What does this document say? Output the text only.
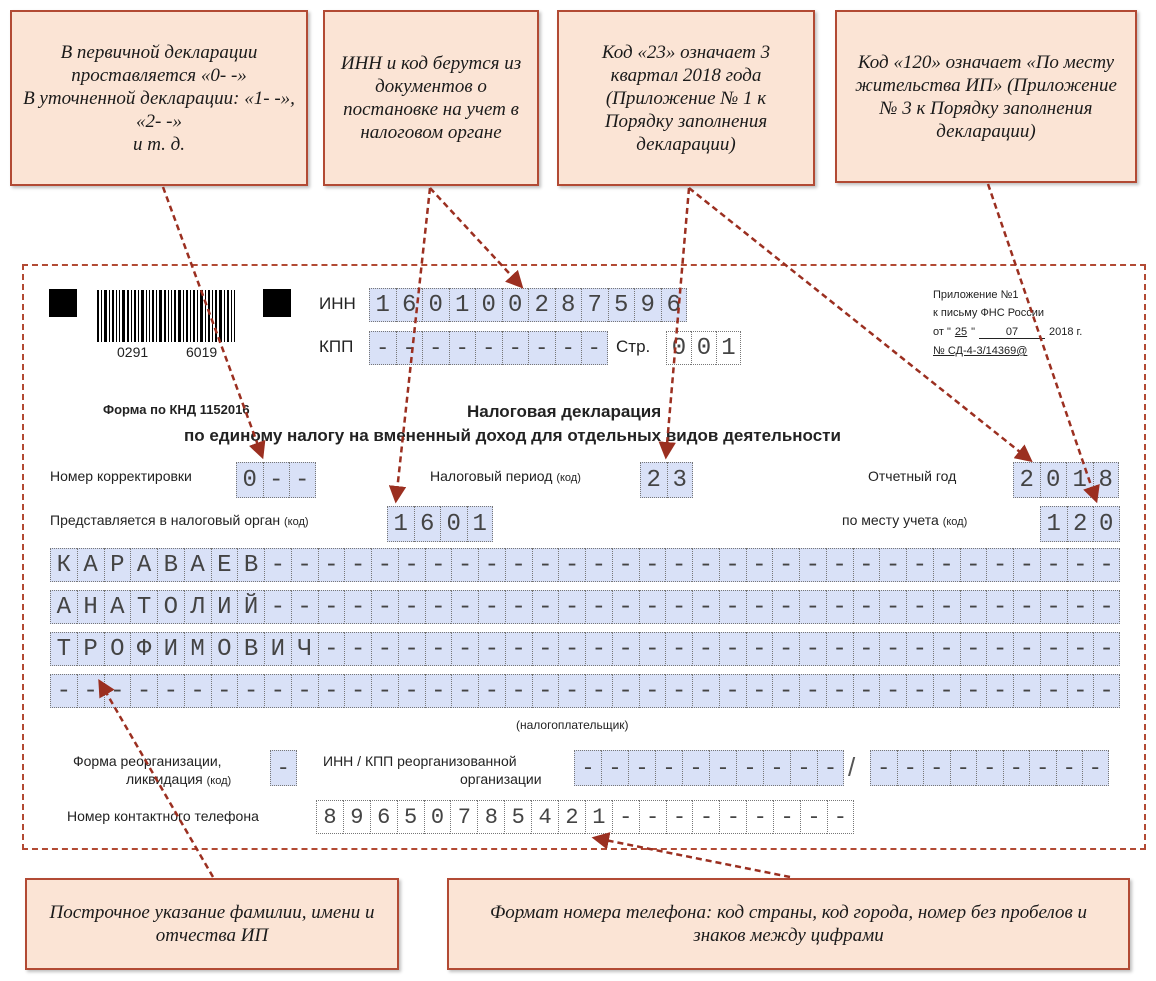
В первичной декларации проставляется «0- -»
В уточненной декларации: «1- -», «2- -»
и т. д.
ИНН и код берутся из документов о постановке на учет в налоговом органе
Код «23» означает 3 квартал 2018 года (Приложение № 1 к Порядку заполнения декларации)
Код «120» означает «По месту жительства ИП» (Приложение № 3 к Порядку заполнения декларации)
Построчное указание фамилии, имени и отчества ИП
Формат номера телефона: код страны, код города, номер без пробелов и знаков между цифрами
0291	6019
ИНН 1 6 0 1 0 0 2 8 7 5 9 6
КПП	- - - - - - - - - Стр. 0 0 1
Приложение №1
к письму ФНС России
от " 25 "	07	2018 г.
№ СД-4-3/14369@
Форма по КНД 1152016	Налоговая декларация
по единому налогу на вмененный доход для отдельных видов деятельности
Номер корректировки 0 - -	Налоговый период (код)	2 3	Отчетный год	2 0 1 8
Представляется в налоговый орган (код)	1 6 0 1	по месту учета (код)	1 2 0
К А Р А В А Е В - - - - - - - - - - - - - - - - - - - - - - - - - - - - - - - -
А Н А Т О Л И Й - - - - - - - - - - - - - - - - - - - - - - - - - - - - - - - -
Т Р О Ф И М О В И Ч - - - - - - - - - - - - - - - - - - - - - - - - - - - - - -
- - - - - - - - - - - - - - - - - - - - - - - - - - - - - - - - - - - - - - - -
(налогоплательщик)
Форма реорганизации,
ликвидация (код)
-	ИНН / КПП реорганизованной
организации	- - - - - - - - - - / - - - - - - - - -
Номер контактного телефона	8 9 6 5 0 7 8 5 4 2 1 - - - - - - - - -
